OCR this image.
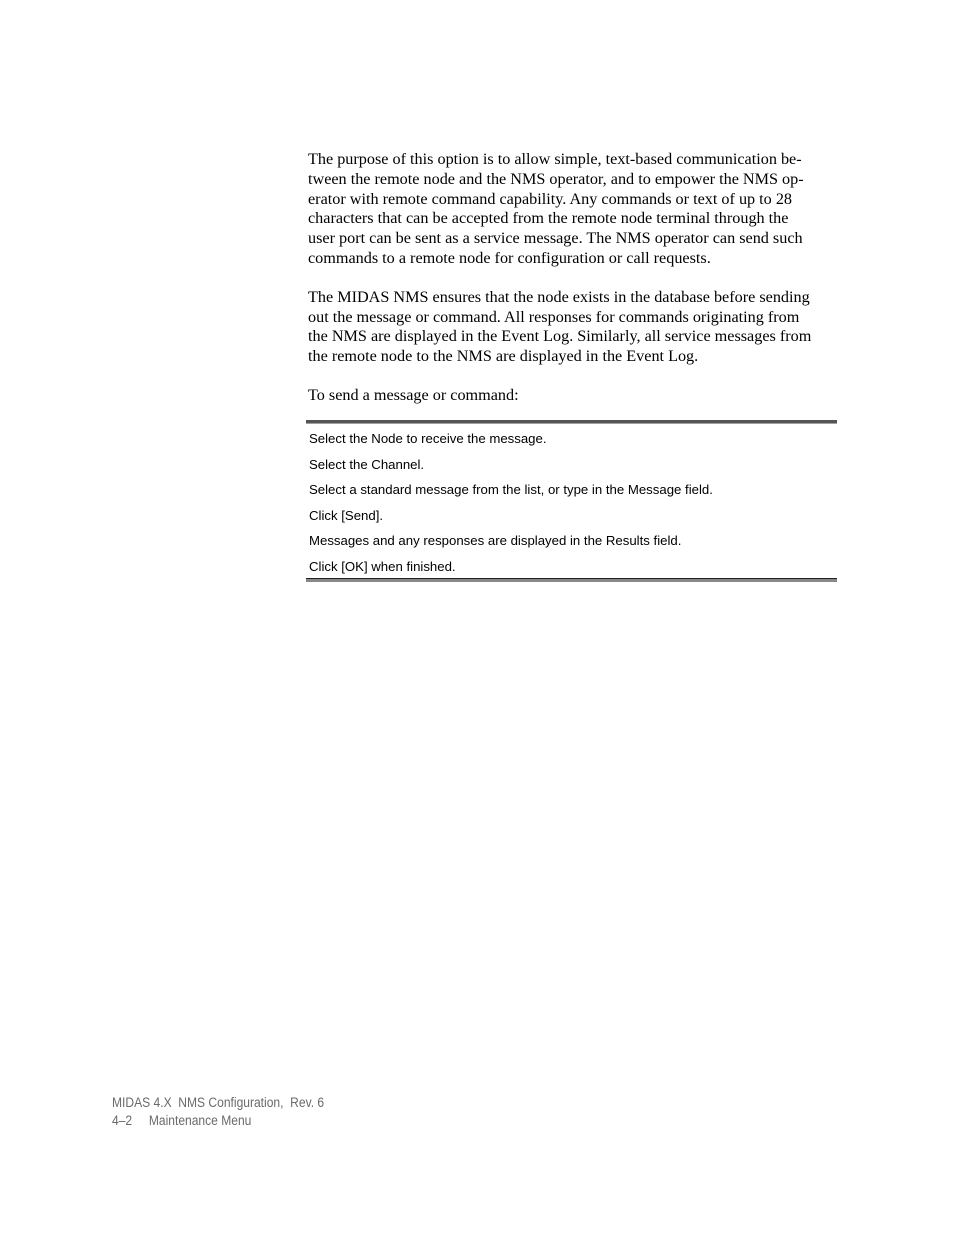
The purpose of this option is to allow simple, text-based communication be-
tween the remote node and the NMS operator, and to empower the NMS op-
erator with remote command capability. Any commands or text of up to 28
characters that can be accepted from the remote node terminal through the
user port can be sent as a service message. The NMS operator can send such
commands to a remote node for configuration or call requests.

The MIDAS NMS ensures that the node exists in the database before sending
out the message or command. All responses for commands originating from
the NMS are displayed in the Event Log. Similarly, all service messages from
the remote node to the NMS are displayed in the Event Log.

To send a message or command:

Select the Node to receive the message.
Select the Channel.
Select a standard message from the list, or type in the Message field.
Click [Send].
Messages and any responses are displayed in the Results field.
Click [OK] when finished.
MIDAS 4.X  NMS Configuration,  Rev. 6
4–2     Maintenance Menu
